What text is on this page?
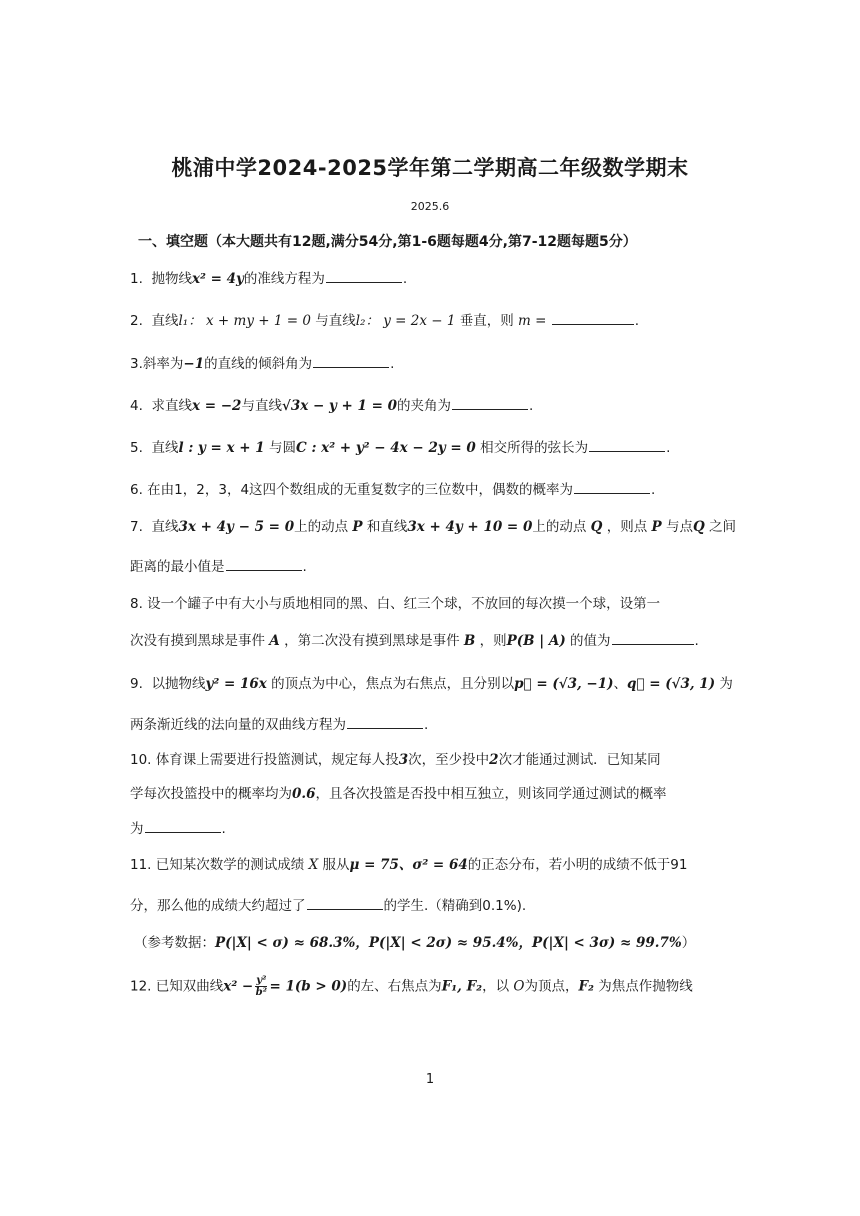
桃浦中学2024-2025学年第二学期高二年级数学期末
2025.6
一、填空题（本大题共有12题,满分54分,第1-6题每题4分,第7-12题每题5分）
1. 抛物线x² = 4y的准线方程为	.
2. 直线l₁： x + my + 1 = 0 与直线l₂： y = 2x − 1 垂直，则 m =	.
3.斜率为−1的直线的倾斜角为	.
4. 求直线x = −2与直线√3x − y + 1 = 0的夹角为	.
5. 直线l : y = x + 1 与圆C : x² + y² − 4x − 2y = 0 相交所得的弦长为	.
6. 在由1，2，3，4这四个数组成的无重复数字的三位数中，偶数的概率为	.
7. 直线3x + 4y − 5 = 0上的动点 P 和直线3x + 4y + 10 = 0上的动点 Q ，则点 P 与点Q 之间
距离的最小值是	.
8. 设一个罐子中有大小与质地相同的黑、白、红三个球，不放回的每次摸一个球，设第一
次没有摸到黑球是事件 A ，第二次没有摸到黑球是事件 B ，则P(B | A) 的值为	.
9. 以抛物线y² = 16x 的顶点为中心，焦点为右焦点，且分别以p⃗ = (√3, −1)、q⃗ = (√3, 1) 为
两条渐近线的法向量的双曲线方程为	.
10. 体育课上需要进行投篮测试，规定每人投3次，至少投中2次才能通过测试．已知某同
学每次投篮投中的概率均为0.6，且各次投篮是否投中相互独立，则该同学通过测试的概率
为	.
11. 已知某次数学的测试成绩 X 服从μ = 75、σ² = 64的正态分布，若小明的成绩不低于91
分，那么他的成绩大约超过了	的学生.（精确到0.1%).
（参考数据：P(|X| < σ) ≈ 68.3%，P(|X| < 2σ) ≈ 95.4%，P(|X| < 3σ) ≈ 99.7%）
12. 已知双曲线$x^2 - \frac{\text{y²}}{\text{b²}} = 1(b > 0)$的左、右焦点为F₁, F₂，以 O为顶点，F₂ 为焦点作抛物线
1
